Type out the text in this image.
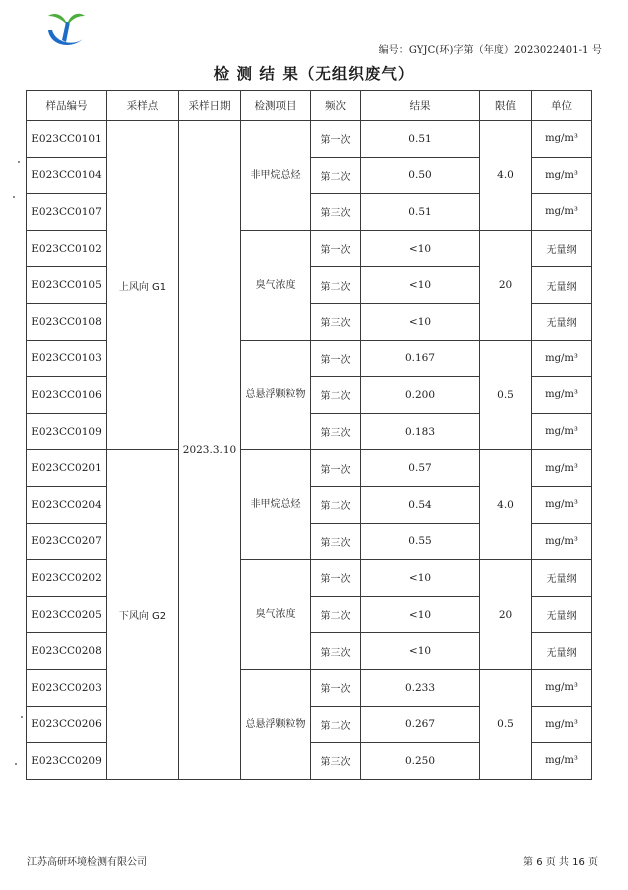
编号：GYJC(环)字第（年度）2023022401-1 号
检 测 结 果（无组织废气）
样品编号	采样点	采样日期	检测项目	频次	结果	限值	单位
E023CC0101	上风向 G1	2023.3.10	非甲烷总烃	第一次	0.51	4.0	mg/m³
E023CC0104				第二次	0.50		mg/m³
E023CC0107				第三次	0.51		mg/m³
E023CC0102			臭气浓度	第一次	<10	20	无量纲
E023CC0105				第二次	<10		无量纲
E023CC0108				第三次	<10		无量纲
E023CC0103			总悬浮颗粒物	第一次	0.167	0.5	mg/m³
E023CC0106				第二次	0.200		mg/m³
E023CC0109				第三次	0.183		mg/m³
E023CC0201	下风向 G2		非甲烷总烃	第一次	0.57	4.0	mg/m³
E023CC0204				第二次	0.54		mg/m³
E023CC0207				第三次	0.55		mg/m³
E023CC0202			臭气浓度	第一次	<10	20	无量纲
E023CC0205				第二次	<10		无量纲
E023CC0208				第三次	<10		无量纲
E023CC0203			总悬浮颗粒物	第一次	0.233	0.5	mg/m³
E023CC0206				第二次	0.267		mg/m³
E023CC0209				第三次	0.250		mg/m³
江苏高研环境检测有限公司	第 6 页 共 16 页
